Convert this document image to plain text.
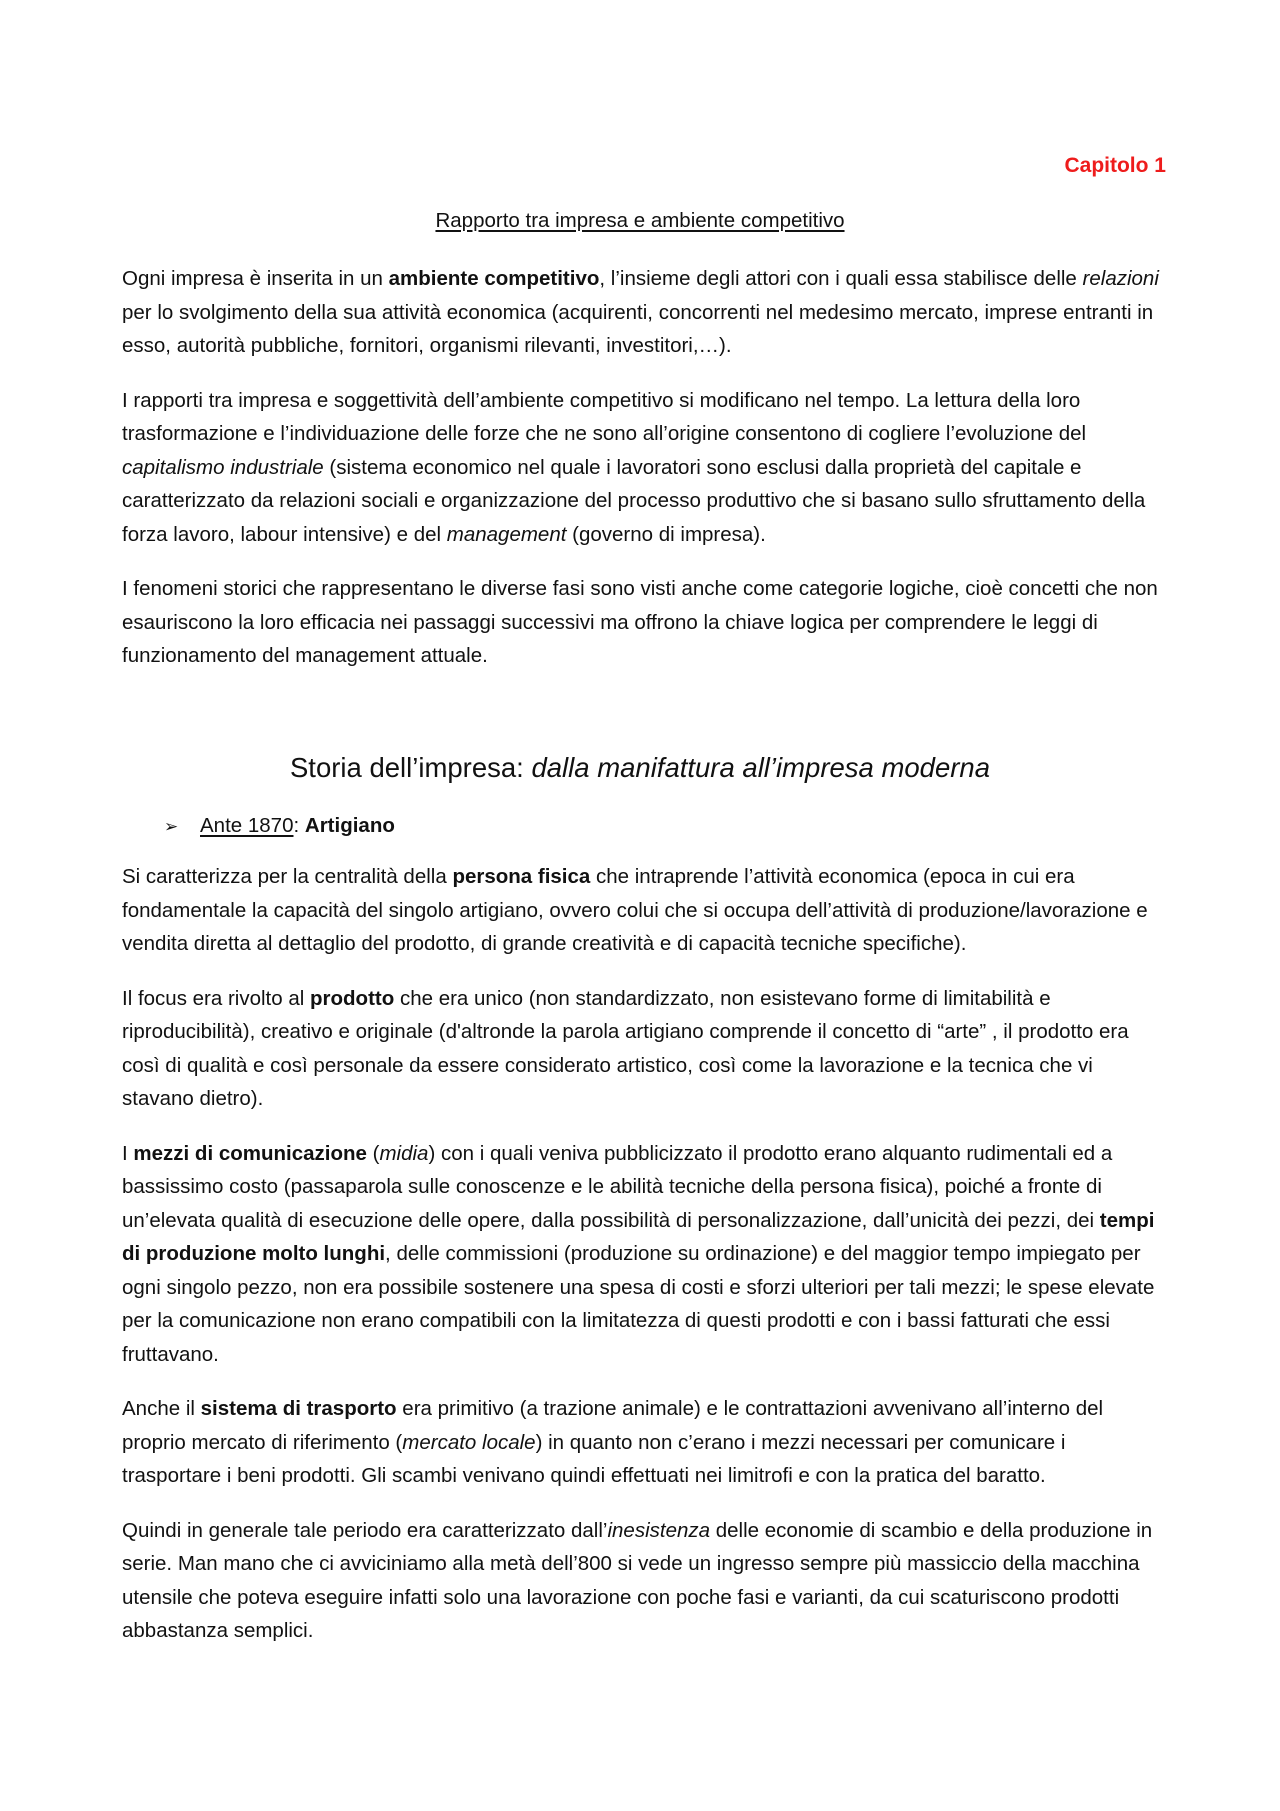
Capitolo 1
Rapporto tra impresa e ambiente competitivo

Ogni impresa è inserita in un ambiente competitivo, l’insieme degli attori con i quali essa stabilisce delle relazioni per lo svolgimento della sua attività economica (acquirenti, concorrenti nel medesimo mercato, imprese entranti in esso, autorità pubbliche, fornitori, organismi rilevanti, investitori,…).

I rapporti tra impresa e soggettività dell’ambiente competitivo si modificano nel tempo. La lettura della loro trasformazione e l’individuazione delle forze che ne sono all’origine consentono di cogliere l’evoluzione del capitalismo industriale (sistema economico nel quale i lavoratori sono esclusi dalla proprietà del capitale e caratterizzato da relazioni sociali e organizzazione del processo produttivo che si basano sullo sfruttamento della forza lavoro, labour intensive) e del management (governo di impresa).

I fenomeni storici che rappresentano le diverse fasi sono visti anche come categorie logiche, cioè concetti che non esauriscono la loro efficacia nei passaggi successivi ma offrono la chiave logica per comprendere le leggi di funzionamento del management attuale.

Storia dell’impresa: dalla manifattura all’impresa moderna
➢ Ante 1870: Artigiano

Si caratterizza per la centralità della persona fisica che intraprende l’attività economica (epoca in cui era fondamentale la capacità del singolo artigiano, ovvero colui che si occupa dell’attività di produzione/lavorazione e vendita diretta al dettaglio del prodotto, di grande creatività e di capacità tecniche specifiche).

Il focus era rivolto al prodotto che era unico (non standardizzato, non esistevano forme di limitabilità e riproducibilità), creativo e originale (d'altronde la parola artigiano comprende il concetto di “arte” , il prodotto era così di qualità e così personale da essere considerato artistico, così come la lavorazione e la tecnica che vi stavano dietro).

I mezzi di comunicazione (midia) con i quali veniva pubblicizzato il prodotto erano alquanto rudimentali ed a bassissimo costo (passaparola sulle conoscenze e le abilità tecniche della persona fisica), poiché a fronte di un’elevata qualità di esecuzione delle opere, dalla possibilità di personalizzazione, dall’unicità dei pezzi, dei tempi di produzione molto lunghi, delle commissioni (produzione su ordinazione) e del maggior tempo impiegato per ogni singolo pezzo, non era possibile sostenere una spesa di costi e sforzi ulteriori per tali mezzi; le spese elevate per la comunicazione non erano compatibili con la limitatezza di questi prodotti e con i bassi fatturati che essi fruttavano.

Anche il sistema di trasporto era primitivo (a trazione animale) e le contrattazioni avvenivano all’interno del proprio mercato di riferimento (mercato locale) in quanto non c’erano i mezzi necessari per comunicare i trasportare i beni prodotti. Gli scambi venivano quindi effettuati nei limitrofi e con la pratica del baratto.

Quindi in generale tale periodo era caratterizzato dall’inesistenza delle economie di scambio e della produzione in serie. Man mano che ci avviciniamo alla metà dell’800 si vede un ingresso sempre più massiccio della macchina utensile che poteva eseguire infatti solo una lavorazione con poche fasi e varianti, da cui scaturiscono prodotti abbastanza semplici.
